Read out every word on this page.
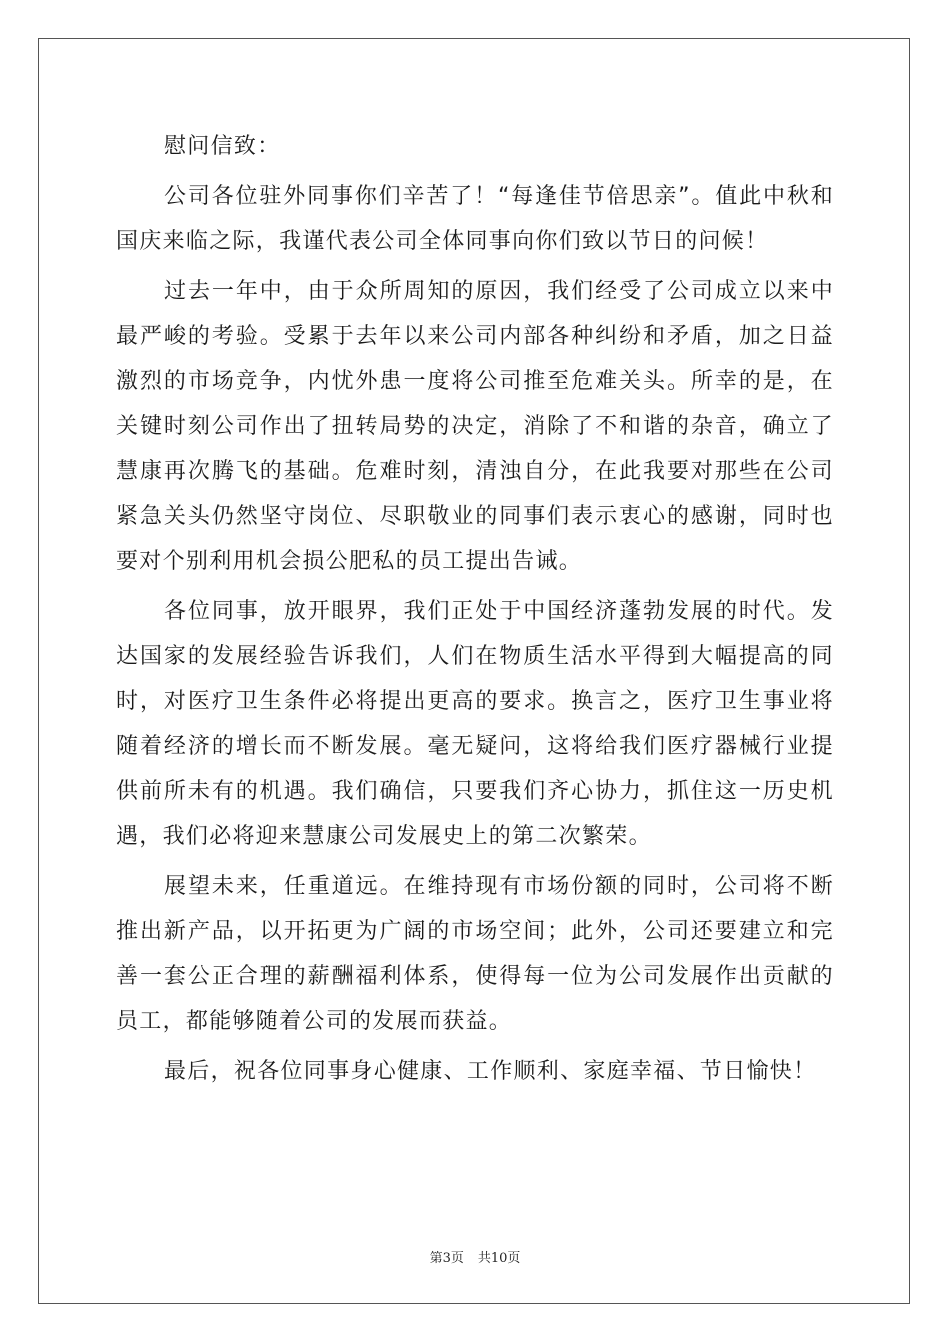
慰问信致：

公司各位驻外同事你们辛苦了！“每逢佳节倍思亲”。值此中秋和国庆来临之际，我谨代表公司全体同事向你们致以节日的问候！

过去一年中，由于众所周知的原因，我们经受了公司成立以来中最严峻的考验。受累于去年以来公司内部各种纠纷和矛盾，加之日益激烈的市场竞争，内忧外患一度将公司推至危难关头。所幸的是，在关键时刻公司作出了扭转局势的决定，消除了不和谐的杂音，确立了慧康再次腾飞的基础。危难时刻，清浊自分，在此我要对那些在公司紧急关头仍然坚守岗位、尽职敬业的同事们表示衷心的感谢，同时也要对个别利用机会损公肥私的员工提出告诫。

各位同事，放开眼界，我们正处于中国经济蓬勃发展的时代。发达国家的发展经验告诉我们，人们在物质生活水平得到大幅提高的同时，对医疗卫生条件必将提出更高的要求。换言之，医疗卫生事业将随着经济的增长而不断发展。毫无疑问，这将给我们医疗器械行业提供前所未有的机遇。我们确信，只要我们齐心协力，抓住这一历史机遇，我们必将迎来慧康公司发展史上的第二次繁荣。

展望未来，任重道远。在维持现有市场份额的同时，公司将不断推出新产品，以开拓更为广阔的市场空间；此外，公司还要建立和完善一套公正合理的薪酬福利体系，使得每一位为公司发展作出贡献的员工，都能够随着公司的发展而获益。

最后，祝各位同事身心健康、工作顺利、家庭幸福、节日愉快！

第3页 共10页
